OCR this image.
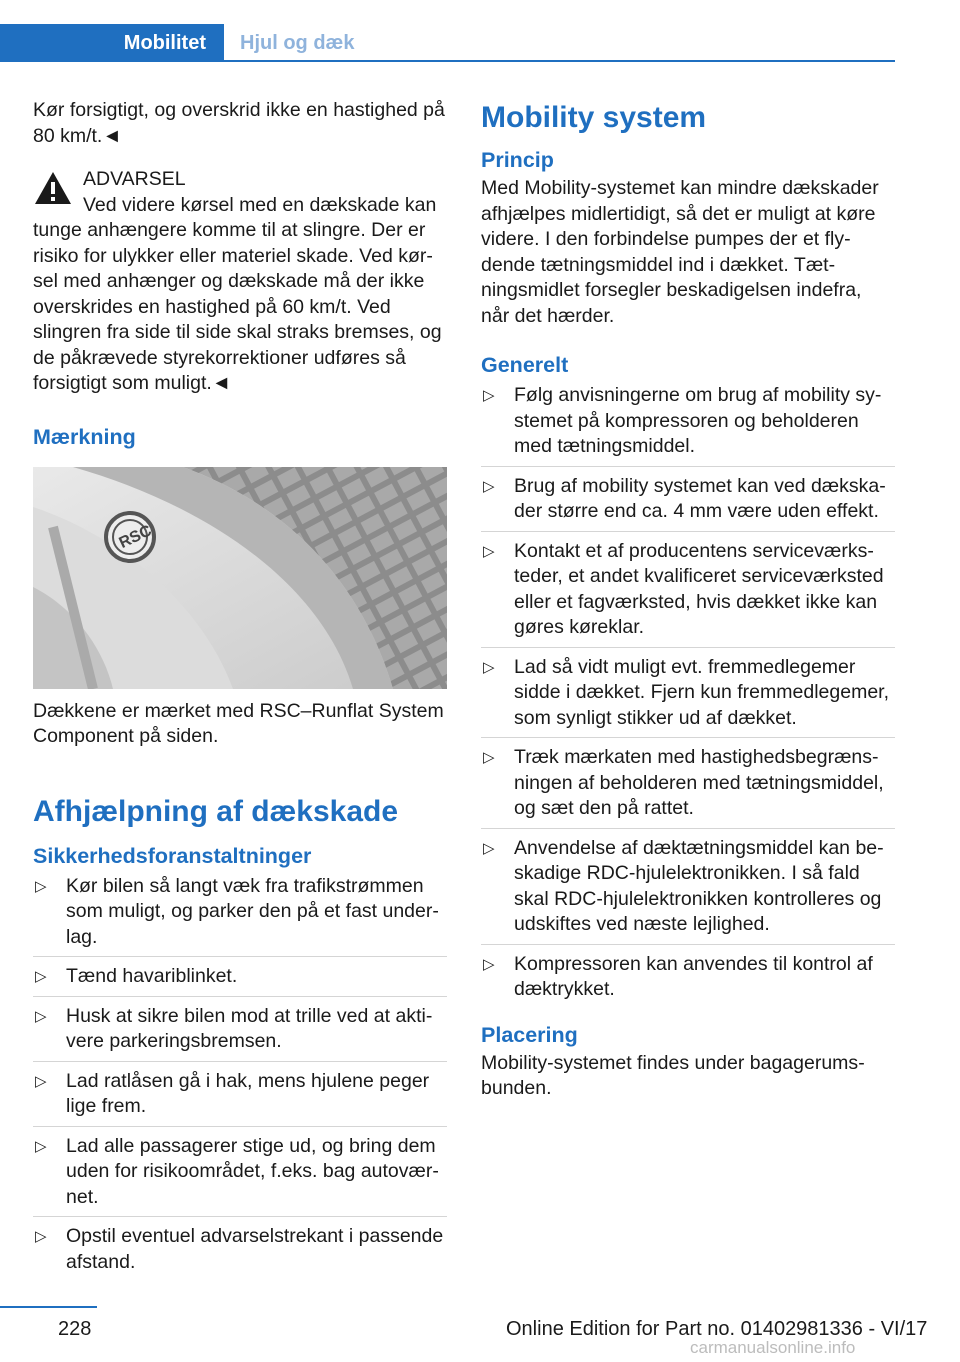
Mobilitet Hjul og dæk

Kør forsigtigt, og overskrid ikke en hastighed på 80 km/t.◄

ADVARSEL
Ved videre kørsel med en dækskade kan
tunge anhængere komme til at slingre. Der er risiko for ulykker eller materiel skade. Ved kørsel med anhænger og dækskade må der ikke overskrides en hastighed på 60 km/t. Ved slingren fra side til side skal straks bremses, og de påkrævede styrekorrektioner udføres så forsigtigt som muligt.◄

Mærkning

RSC

Dækkene er mærket med RSC–Runflat System Component på siden.

Afhjælpning af dækskade

Sikkerhedsforanstaltninger

▷ Kør bilen så langt væk fra trafikstrømmen som muligt, og parker den på et fast underlag.
▷ Tænd havariblinket.
▷ Husk at sikre bilen mod at trille ved at aktivere parkeringsbremsen.
▷ Lad ratlåsen gå i hak, mens hjulene peger lige frem.
▷ Lad alle passagerer stige ud, og bring dem uden for risikoområdet, f.eks. bag autoværnet.
▷ Opstil eventuel advarselstrekant i passende afstand.

Mobility system

Princip

Med Mobility-systemet kan mindre dækskader afhjælpes midlertidigt, så det er muligt at køre videre. I den forbindelse pumpes der et flydende tætningsmiddel ind i dækket. Tætningsmidlet forsegler beskadigelsen indefra, når det hærder.

Generelt

▷ Følg anvisningerne om brug af mobility systemet på kompressoren og beholderen med tætningsmiddel.
▷ Brug af mobility systemet kan ved dækskader større end ca. 4 mm være uden effekt.
▷ Kontakt et af producentens serviceværksteder, et andet kvalificeret serviceværksted eller et fagværksted, hvis dækket ikke kan gøres køreklar.
▷ Lad så vidt muligt evt. fremmedlegemer sidde i dækket. Fjern kun fremmedlegemer, som synligt stikker ud af dækket.
▷ Træk mærkaten med hastighedsbegrænsningen af beholderen med tætningsmiddel, og sæt den på rattet.
▷ Anvendelse af dæktætningsmiddel kan beskadige RDC-hjulelektronikken. I så fald skal RDC-hjulelektronikken kontrolleres og udskiftes ved næste lejlighed.
▷ Kompressoren kan anvendes til kontrol af dæktrykket.

Placering

Mobility-systemet findes under bagagerumsbunden.

228	Online Edition for Part no. 01402981336 - VI/17
carmanualsonline.info
